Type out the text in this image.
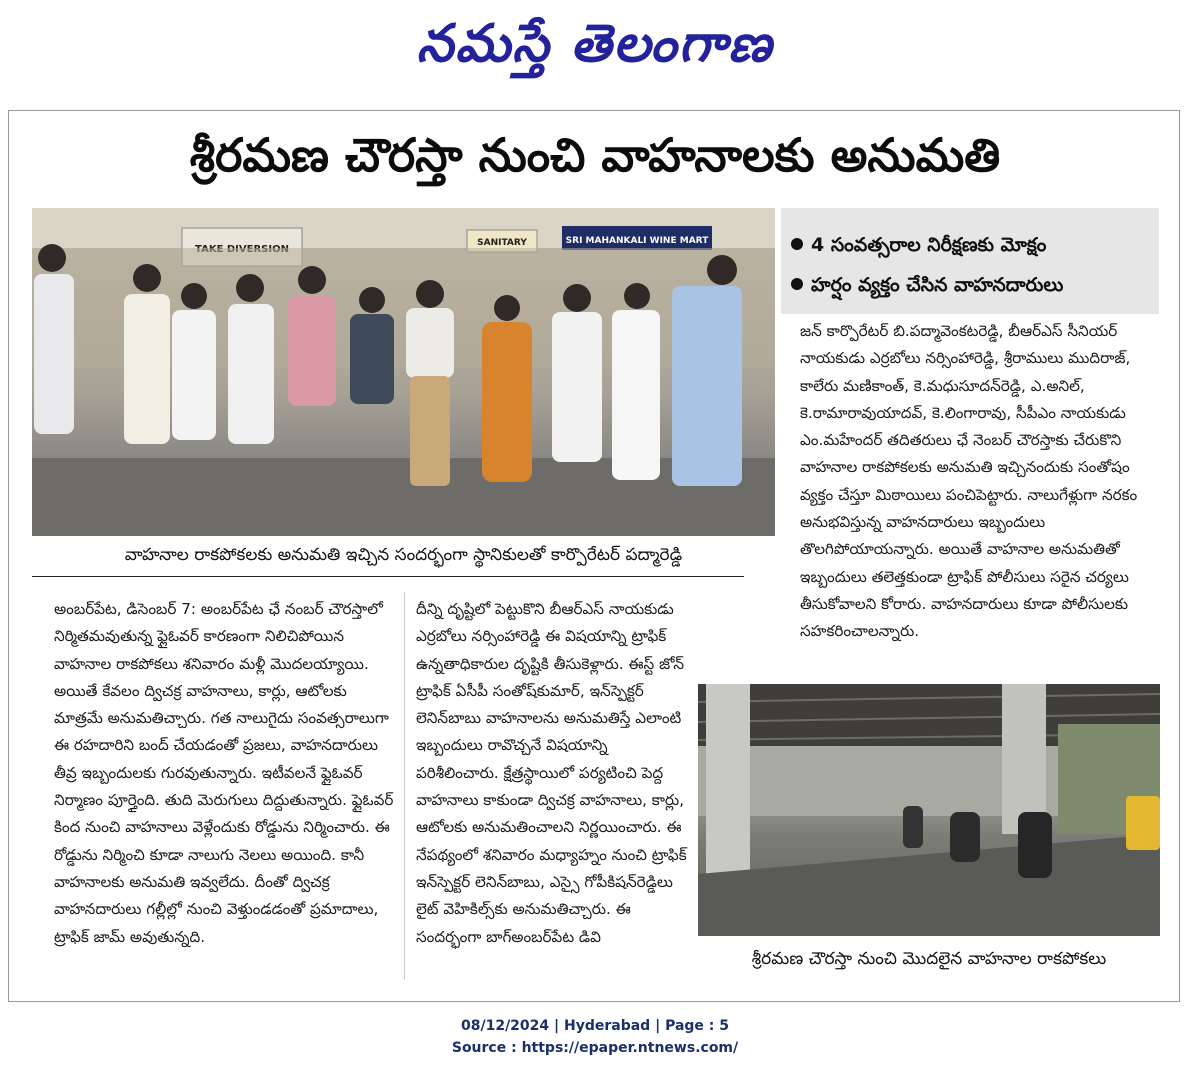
నమస్తే తెలంగాణ
శ్రీరమణ చౌరస్తా నుంచి వాహనాలకు అనుమతి
SANITARY	SRI MAHANKALI WINE MART
వాహనాల రాకపోకలకు అనుమతి ఇచ్చిన సందర్భంగా స్థానికులతో కార్పొరేటర్ పద్మారెడ్డి
4 సంవత్సరాల నిరీక్షణకు మోక్షం
హర్షం వ్యక్తం చేసిన వాహనదారులు

జన్ కార్పొరేటర్ బి.పద్మావెంకటరెడ్డి, బీఆర్ఎస్ సీనియర్ నాయకుడు ఎర్రబోలు నర్సింహారెడ్డి, శ్రీరాములు ముదిరాజ్, కాలేరు మణికాంత్, కె.మధుసూదన్‌రెడ్డి, ఎ.అనిల్, కె.రామారావుయాదవ్, కె.లింగారావు, సీపీఎం నాయకుడు ఎం.మహేందర్ తదితరులు ఛే నెంబర్ చౌరస్తాకు చేరుకొని వాహనాల రాకపోకలకు అనుమతి ఇచ్చినందుకు సంతోషం వ్యక్తం చేస్తూ మిఠాయిలు పంచిపెట్టారు. నాలుగేళ్లుగా నరకం అనుభవిస్తున్న వాహనదారులు ఇబ్బందులు తొలగిపోయాయన్నారు. అయితే వాహనాల అనుమతితో ఇబ్బందులు తలెత్తకుండా ట్రాఫిక్ పోలీసులు సరైన చర్యలు తీసుకోవాలని కోరారు. వాహనదారులు కూడా పోలీసులకు సహకరించాలన్నారు.

అంబర్‌పేట, డిసెంబర్ 7: అంబర్‌పేట ఛే నంబర్ చౌరస్తాలో నిర్మితమవుతున్న ఫ్లైఓవర్ కారణంగా నిలిచిపోయిన వాహనాల రాకపోకలు శనివారం మళ్లీ మొదలయ్యాయి. అయితే కేవలం ద్విచక్ర వాహనాలు, కార్లు, ఆటోలకు మాత్రమే అనుమతిచ్చారు. గత నాలుగైదు సంవత్సరాలుగా ఈ రహదారిని బంద్ చేయడంతో ప్రజలు, వాహనదారులు తీవ్ర ఇబ్బందులకు గురవుతున్నారు. ఇటీవలనే ఫ్లైఓవర్ నిర్మాణం పూర్తైంది. తుది మెరుగులు దిద్దుతున్నారు. ఫ్లైఓవర్ కింద నుంచి వాహనాలు వెళ్లేందుకు రోడ్డును నిర్మించారు. ఈ రోడ్డును నిర్మించి కూడా నాలుగు నెలలు అయింది. కానీ వాహనాలకు అనుమతి ఇవ్వలేదు. దీంతో ద్విచక్ర వాహనదారులు గల్లీల్లో నుంచి వెళ్తుండడంతో ప్రమాదాలు, ట్రాఫిక్ జామ్ అవుతున్నది.

దీన్ని దృష్టిలో పెట్టుకొని బీఆర్ఎస్ నాయకుడు ఎర్రబోలు నర్సింహారెడ్డి ఈ విషయాన్ని ట్రాఫిక్ ఉన్నతాధికారుల దృష్టికి తీసుకెళ్లారు. ఈస్ట్ జోన్ ట్రాఫిక్ ఏసీపీ సంతోష్‌కుమార్, ఇన్‌స్పెక్టర్ లెనిన్‌బాబు వాహనాలను అనుమతిస్తే ఎలాంటి ఇబ్బందులు రావొచ్చనే విషయాన్ని పరిశీలించారు. క్షేత్రస్థాయిలో పర్యటించి పెద్ద వాహనాలు కాకుండా ద్విచక్ర వాహనాలు, కార్లు, ఆటోలకు అనుమతించాలని నిర్ణయించారు. ఈ నేపథ్యంలో శనివారం మధ్యాహ్నం నుంచి ట్రాఫిక్ ఇన్‌స్పెక్టర్ లెనిన్‌బాబు, ఎస్సై గోపీకిషన్‌రెడ్డిలు లైట్ వెహికిల్స్‌కు అనుమతిచ్చారు. ఈ సందర్భంగా బాగ్‌అంబర్‌పేట డివి

శ్రీరమణ చౌరస్తా నుంచి మొదలైన వాహనాల రాకపోకలు
08/12/2024 | Hyderabad | Page : 5
Source : https://epaper.ntnews.com/
